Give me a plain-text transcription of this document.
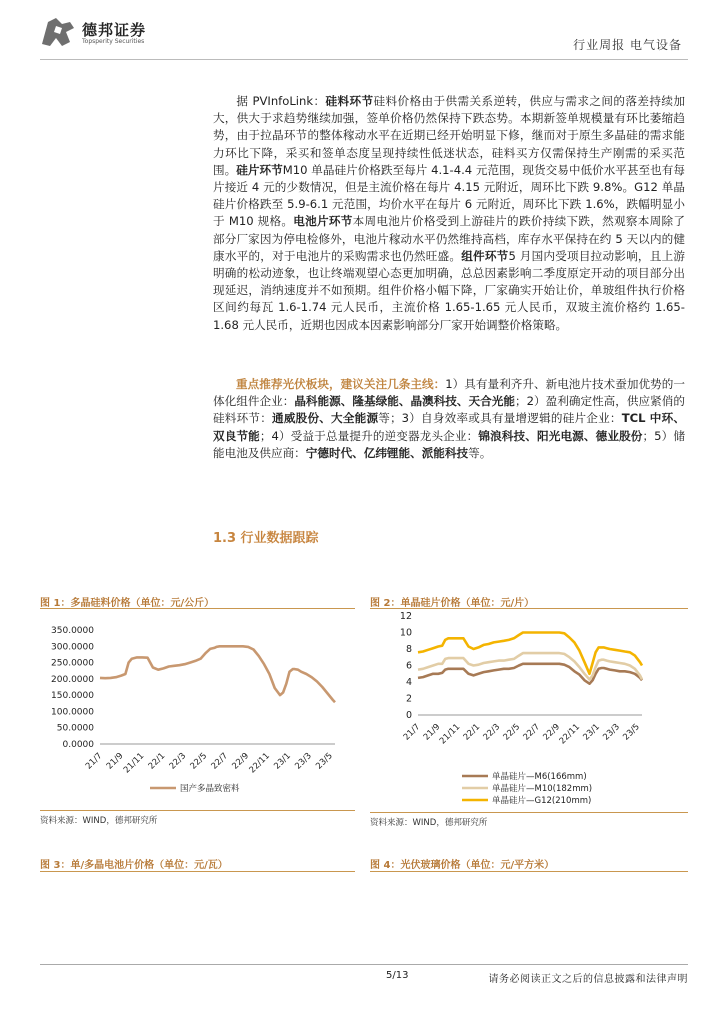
德邦证券
Topsperity Securities	行业周报 电气设备
据 PVInfoLink：硅料环节硅料价格由于供需关系逆转，供应与需求之间的落差持续加大，供大于求趋势继续加强，签单价格仍然保持下跌态势。本期新签单规模量有环比萎缩趋势，由于拉晶环节的整体稼动水平在近期已经开始明显下修，继而对于原生多晶硅的需求能力环比下降，采买和签单态度呈现持续性低迷状态，硅料买方仅需保持生产刚需的采买范围。硅片环节M10 单晶硅片价格跌至每片 4.1-4.4 元范围，现货交易中低价水平甚至也有每片接近 4 元的少数情况，但是主流价格在每片 4.15 元附近，周环比下跌 9.8%。G12 单晶硅片价格跌至 5.9-6.1 元范围，均价水平在每片 6 元附近，周环比下跌 1.6%，跌幅明显小于 M10 规格。电池片环节本周电池片价格受到上游硅片的跌价持续下跌，然观察本周除了部分厂家因为停电检修外，电池片稼动水平仍然维持高档，库存水平保持在约 5 天以内的健康水平的，对于电池片的采购需求也仍然旺盛。组件环节5 月国内受项目拉动影响，且上游明确的松动迹象，也让终端观望心态更加明确，总总因素影响二季度原定开动的项目部分出现延迟，消纳速度并不如预期。组件价格小幅下降，厂家确实开始让价，单玻组件执行价格区间约每瓦 1.6-1.74 元人民币，主流价格 1.65-1.65 元人民币，双玻主流价格约 1.65-1.68 元人民币，近期也因成本因素影响部分厂家开始调整价格策略。
重点推荐光伏板块，建议关注几条主线：1）具有量利齐升、新电池片技术蚕加优势的一体化组件企业：晶科能源、隆基绿能、晶澳科技、天合光能；2）盈利确定性高，供应紧俏的硅料环节：通威股份、大全能源等；3）自身效率或具有量增逻辑的硅片企业：TCL 中环、双良节能；4）受益于总量提升的逆变器龙头企业：锦浪科技、阳光电源、德业股份；5）储能电池及供应商：宁德时代、亿纬锂能、派能科技等。
1.3 行业数据跟踪
图 1：多晶硅料价格（单位：元/公斤）
350.0000
300.0000
250.0000
200.0000
150.0000
100.0000
50.0000
0.0000
21/7 21/9
21/11 22/1 22/3 22/5 22/7 22/9
22/11 23/1 23/3 23/5
国产多晶致密料
资料来源：WIND，德邦研究所
图 2：单晶硅片价格（单位：元/片）
12
10
8
6
4
2
0
21/7 21/9
21/11 22/1 22/3 22/5 22/7 22/9
22/11 23/1 23/3 23/5
单晶硅片—M6(166mm)
单晶硅片—M10(182mm)
单晶硅片—G12(210mm)
资料来源：WIND，德邦研究所
图 3：单/多晶电池片价格（单位：元/瓦）	图 4：光伏玻璃价格（单位：元/平方米）
5/13	请务必阅读正文之后的信息披露和法律声明
